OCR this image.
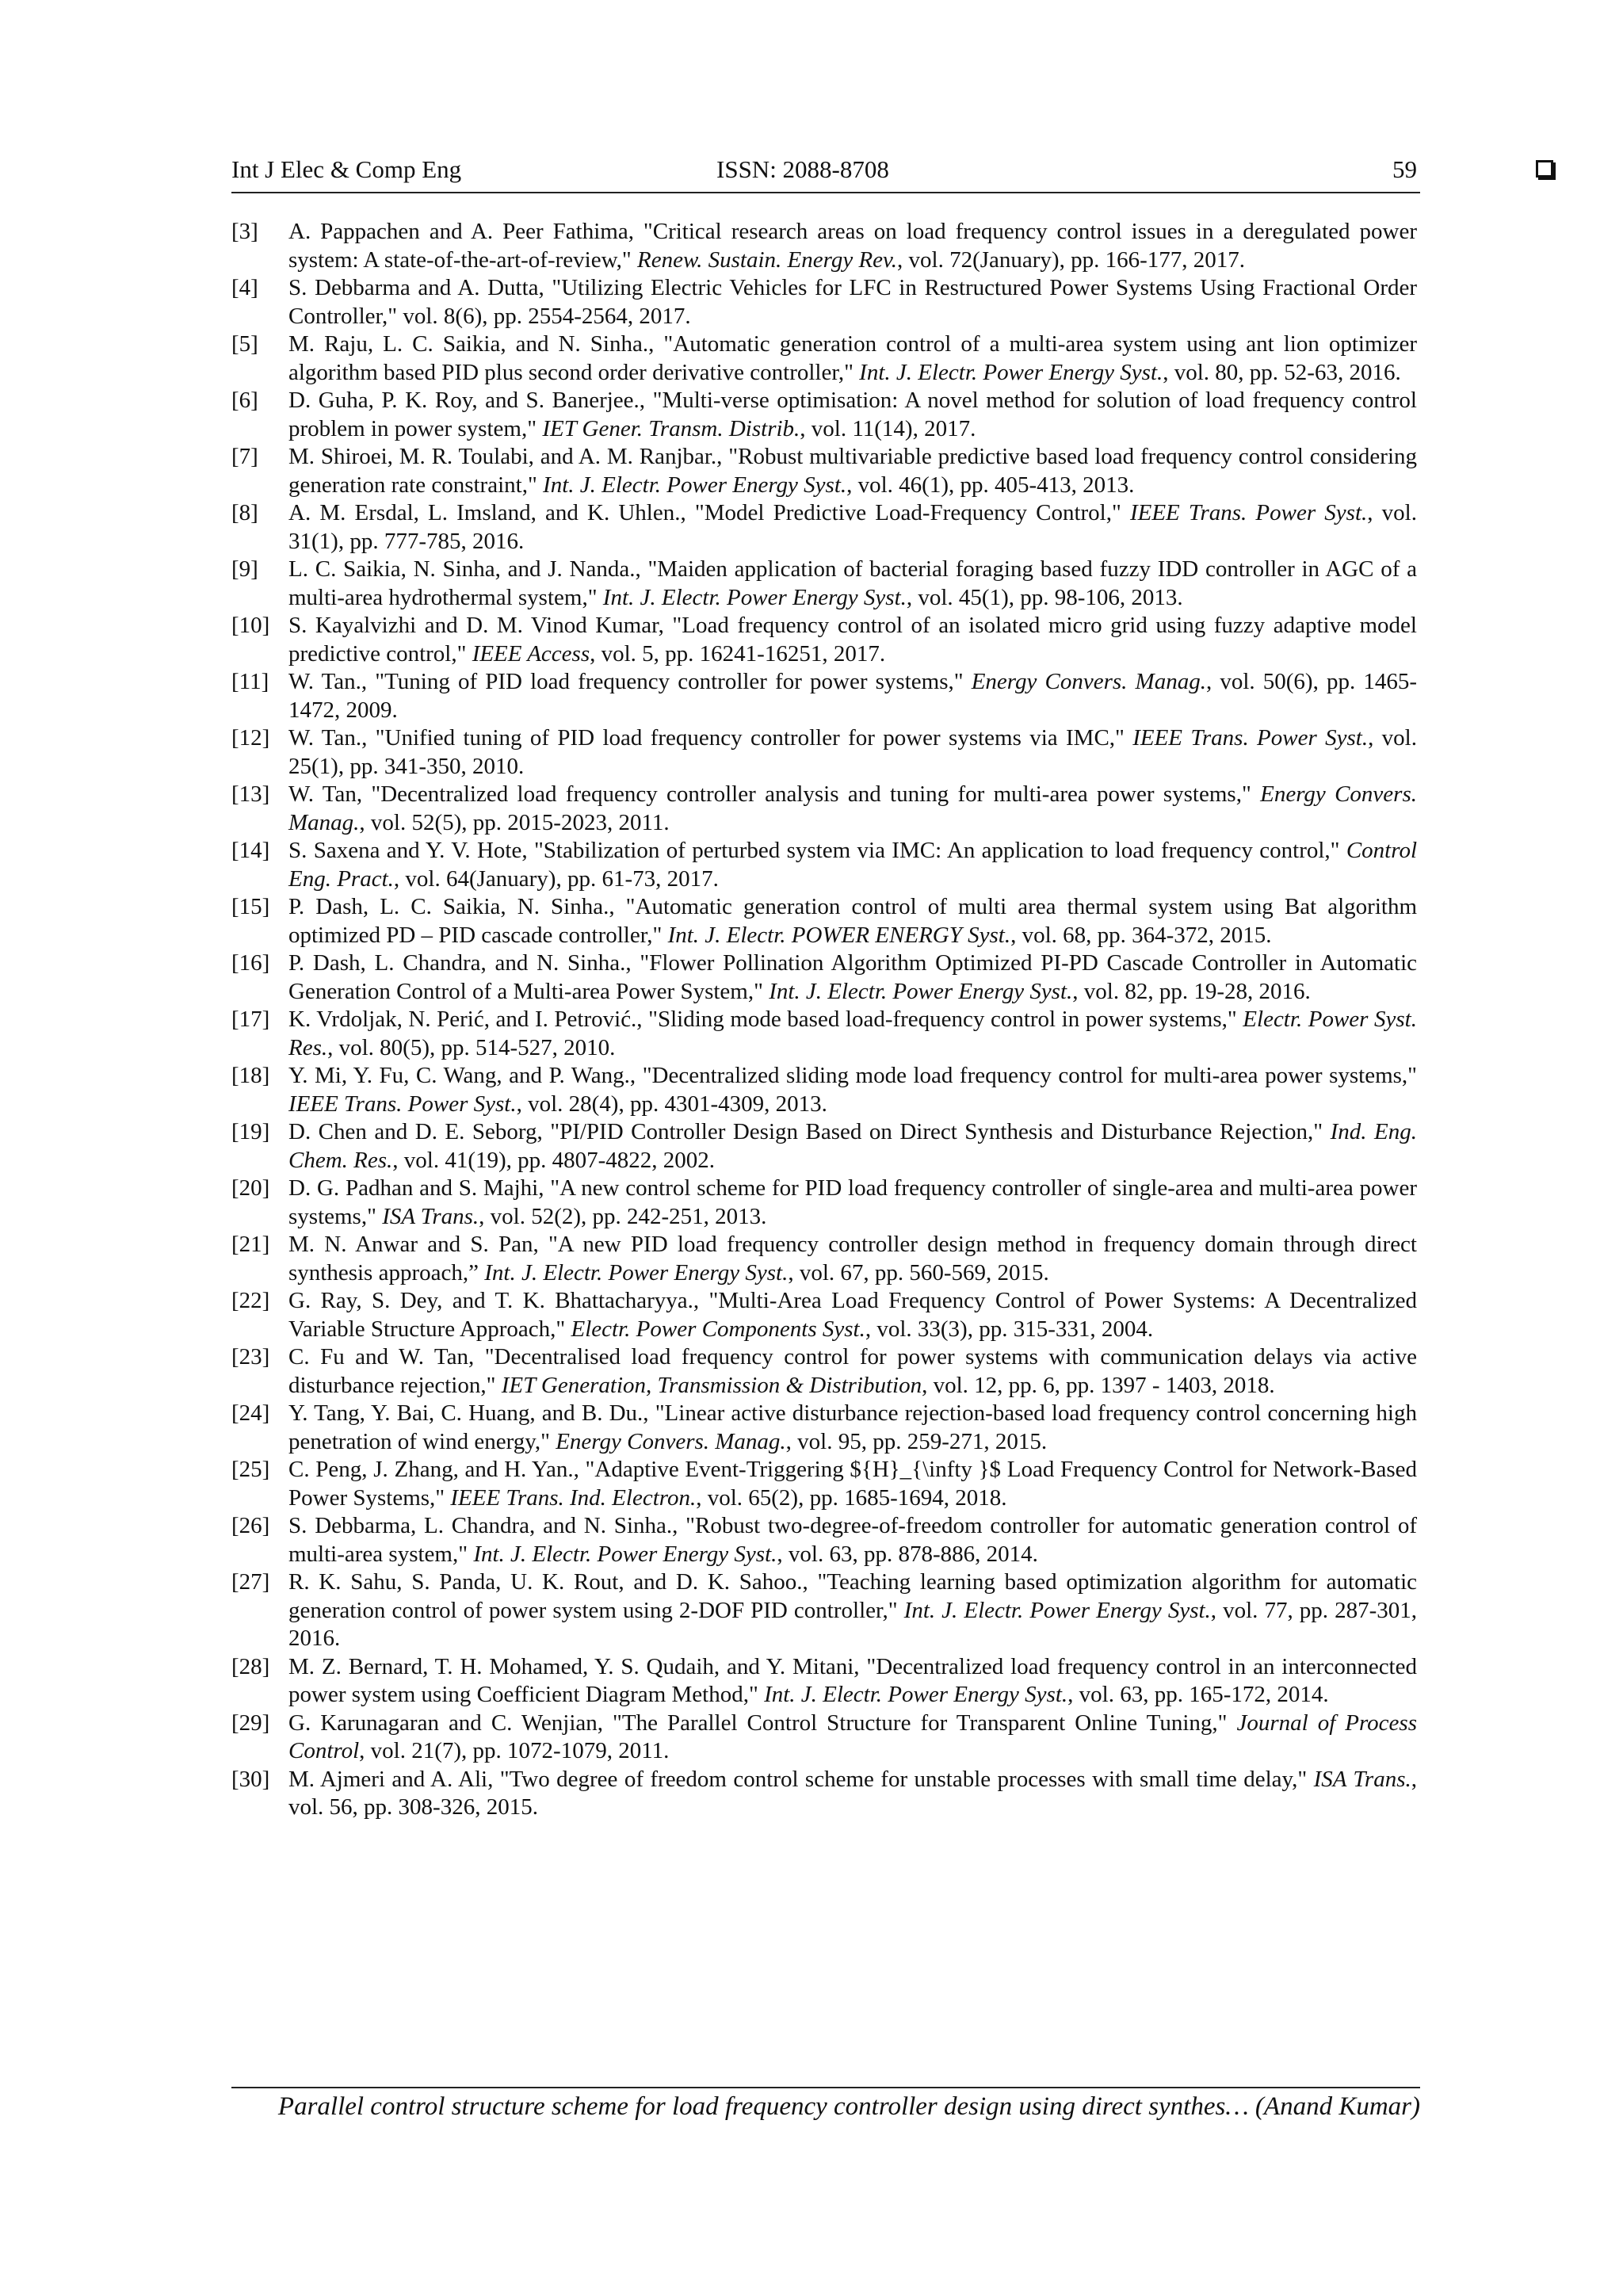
Int J Elec & Comp Eng	ISSN: 2088-8708	59
[3]	A. Pappachen and A. Peer Fathima, "Critical research areas on load frequency control issues in a deregulated power system: A state-of-the-art-of-review," Renew. Sustain. Energy Rev., vol. 72(January), pp. 166-177, 2017.
[4]	S. Debbarma and A. Dutta, "Utilizing Electric Vehicles for LFC in Restructured Power Systems Using Fractional Order Controller," vol. 8(6), pp. 2554-2564, 2017.
[5]	M. Raju, L. C. Saikia, and N. Sinha., "Automatic generation control of a multi-area system using ant lion optimizer algorithm based PID plus second order derivative controller," Int. J. Electr. Power Energy Syst., vol. 80, pp. 52-63, 2016.
[6]	D. Guha, P. K. Roy, and S. Banerjee., "Multi-verse optimisation: A novel method for solution of load frequency control problem in power system," IET Gener. Transm. Distrib., vol. 11(14), 2017.
[7]	M. Shiroei, M. R. Toulabi, and A. M. Ranjbar., "Robust multivariable predictive based load frequency control considering generation rate constraint," Int. J. Electr. Power Energy Syst., vol. 46(1), pp. 405-413, 2013.
[8]	A. M. Ersdal, L. Imsland, and K. Uhlen., "Model Predictive Load-Frequency Control," IEEE Trans. Power Syst., vol. 31(1), pp. 777-785, 2016.
[9]	L. C. Saikia, N. Sinha, and J. Nanda., "Maiden application of bacterial foraging based fuzzy IDD controller in AGC of a multi-area hydrothermal system," Int. J. Electr. Power Energy Syst., vol. 45(1), pp. 98-106, 2013.
[10] S. Kayalvizhi and D. M. Vinod Kumar, "Load frequency control of an isolated micro grid using fuzzy adaptive model predictive control," IEEE Access, vol. 5, pp. 16241-16251, 2017.
[11] W. Tan., "Tuning of PID load frequency controller for power systems," Energy Convers. Manag., vol. 50(6), pp. 1465-1472, 2009.
[12] W. Tan., "Unified tuning of PID load frequency controller for power systems via IMC," IEEE Trans. Power Syst., vol. 25(1), pp. 341-350, 2010.
[13] W. Tan, "Decentralized load frequency controller analysis and tuning for multi-area power systems," Energy Convers. Manag., vol. 52(5), pp. 2015-2023, 2011.
[14] S. Saxena and Y. V. Hote, "Stabilization of perturbed system via IMC: An application to load frequency control," Control Eng. Pract., vol. 64(January), pp. 61-73, 2017.
[15] P. Dash, L. C. Saikia, N. Sinha., "Automatic generation control of multi area thermal system using Bat algorithm optimized PD – PID cascade controller," Int. J. Electr. POWER ENERGY Syst., vol. 68, pp. 364-372, 2015.
[16] P. Dash, L. Chandra, and N. Sinha., "Flower Pollination Algorithm Optimized PI-PD Cascade Controller in Automatic Generation Control of a Multi-area Power System," Int. J. Electr. Power Energy Syst., vol. 82, pp. 19-28, 2016.
[17] K. Vrdoljak, N. Perić, and I. Petrović., "Sliding mode based load-frequency control in power systems," Electr. Power Syst. Res., vol. 80(5), pp. 514-527, 2010.
[18] Y. Mi, Y. Fu, C. Wang, and P. Wang., "Decentralized sliding mode load frequency control for multi-area power systems," IEEE Trans. Power Syst., vol. 28(4), pp. 4301-4309, 2013.
[19] D. Chen and D. E. Seborg, "PI/PID Controller Design Based on Direct Synthesis and Disturbance Rejection," Ind. Eng. Chem. Res., vol. 41(19), pp. 4807-4822, 2002.
[20] D. G. Padhan and S. Majhi, "A new control scheme for PID load frequency controller of single-area and multi-area power systems," ISA Trans., vol. 52(2), pp. 242-251, 2013.
[21] M. N. Anwar and S. Pan, "A new PID load frequency controller design method in frequency domain through direct synthesis approach,” Int. J. Electr. Power Energy Syst., vol. 67, pp. 560-569, 2015.
[22] G. Ray, S. Dey, and T. K. Bhattacharyya., "Multi-Area Load Frequency Control of Power Systems: A Decentralized Variable Structure Approach," Electr. Power Components Syst., vol. 33(3), pp. 315-331, 2004.
[23] C. Fu and W. Tan, "Decentralised load frequency control for power systems with communication delays via active disturbance rejection," IET Generation, Transmission & Distribution, vol. 12, pp. 6, pp. 1397 - 1403, 2018.
[24] Y. Tang, Y. Bai, C. Huang, and B. Du., "Linear active disturbance rejection-based load frequency control concerning high penetration of wind energy," Energy Convers. Manag., vol. 95, pp. 259-271, 2015.
[25] C. Peng, J. Zhang, and H. Yan., "Adaptive Event-Triggering ${H}_{\infty }$ Load Frequency Control for Network-Based Power Systems," IEEE Trans. Ind. Electron., vol. 65(2), pp. 1685-1694, 2018.
[26] S. Debbarma, L. Chandra, and N. Sinha., "Robust two-degree-of-freedom controller for automatic generation control of multi-area system," Int. J. Electr. Power Energy Syst., vol. 63, pp. 878-886, 2014.
[27] R. K. Sahu, S. Panda, U. K. Rout, and D. K. Sahoo., "Teaching learning based optimization algorithm for automatic generation control of power system using 2-DOF PID controller," Int. J. Electr. Power Energy Syst., vol. 77, pp. 287-301, 2016.
[28] M. Z. Bernard, T. H. Mohamed, Y. S. Qudaih, and Y. Mitani, "Decentralized load frequency control in an interconnected power system using Coefficient Diagram Method," Int. J. Electr. Power Energy Syst., vol. 63, pp. 165-172, 2014.
[29] G. Karunagaran and C. Wenjian, "The Parallel Control Structure for Transparent Online Tuning," Journal of Process Control, vol. 21(7), pp. 1072-1079, 2011.
[30] M. Ajmeri and A. Ali, "Two degree of freedom control scheme for unstable processes with small time delay," ISA Trans., vol. 56, pp. 308-326, 2015.
Parallel control structure scheme for load frequency controller design using direct synthes… (Anand Kumar)
